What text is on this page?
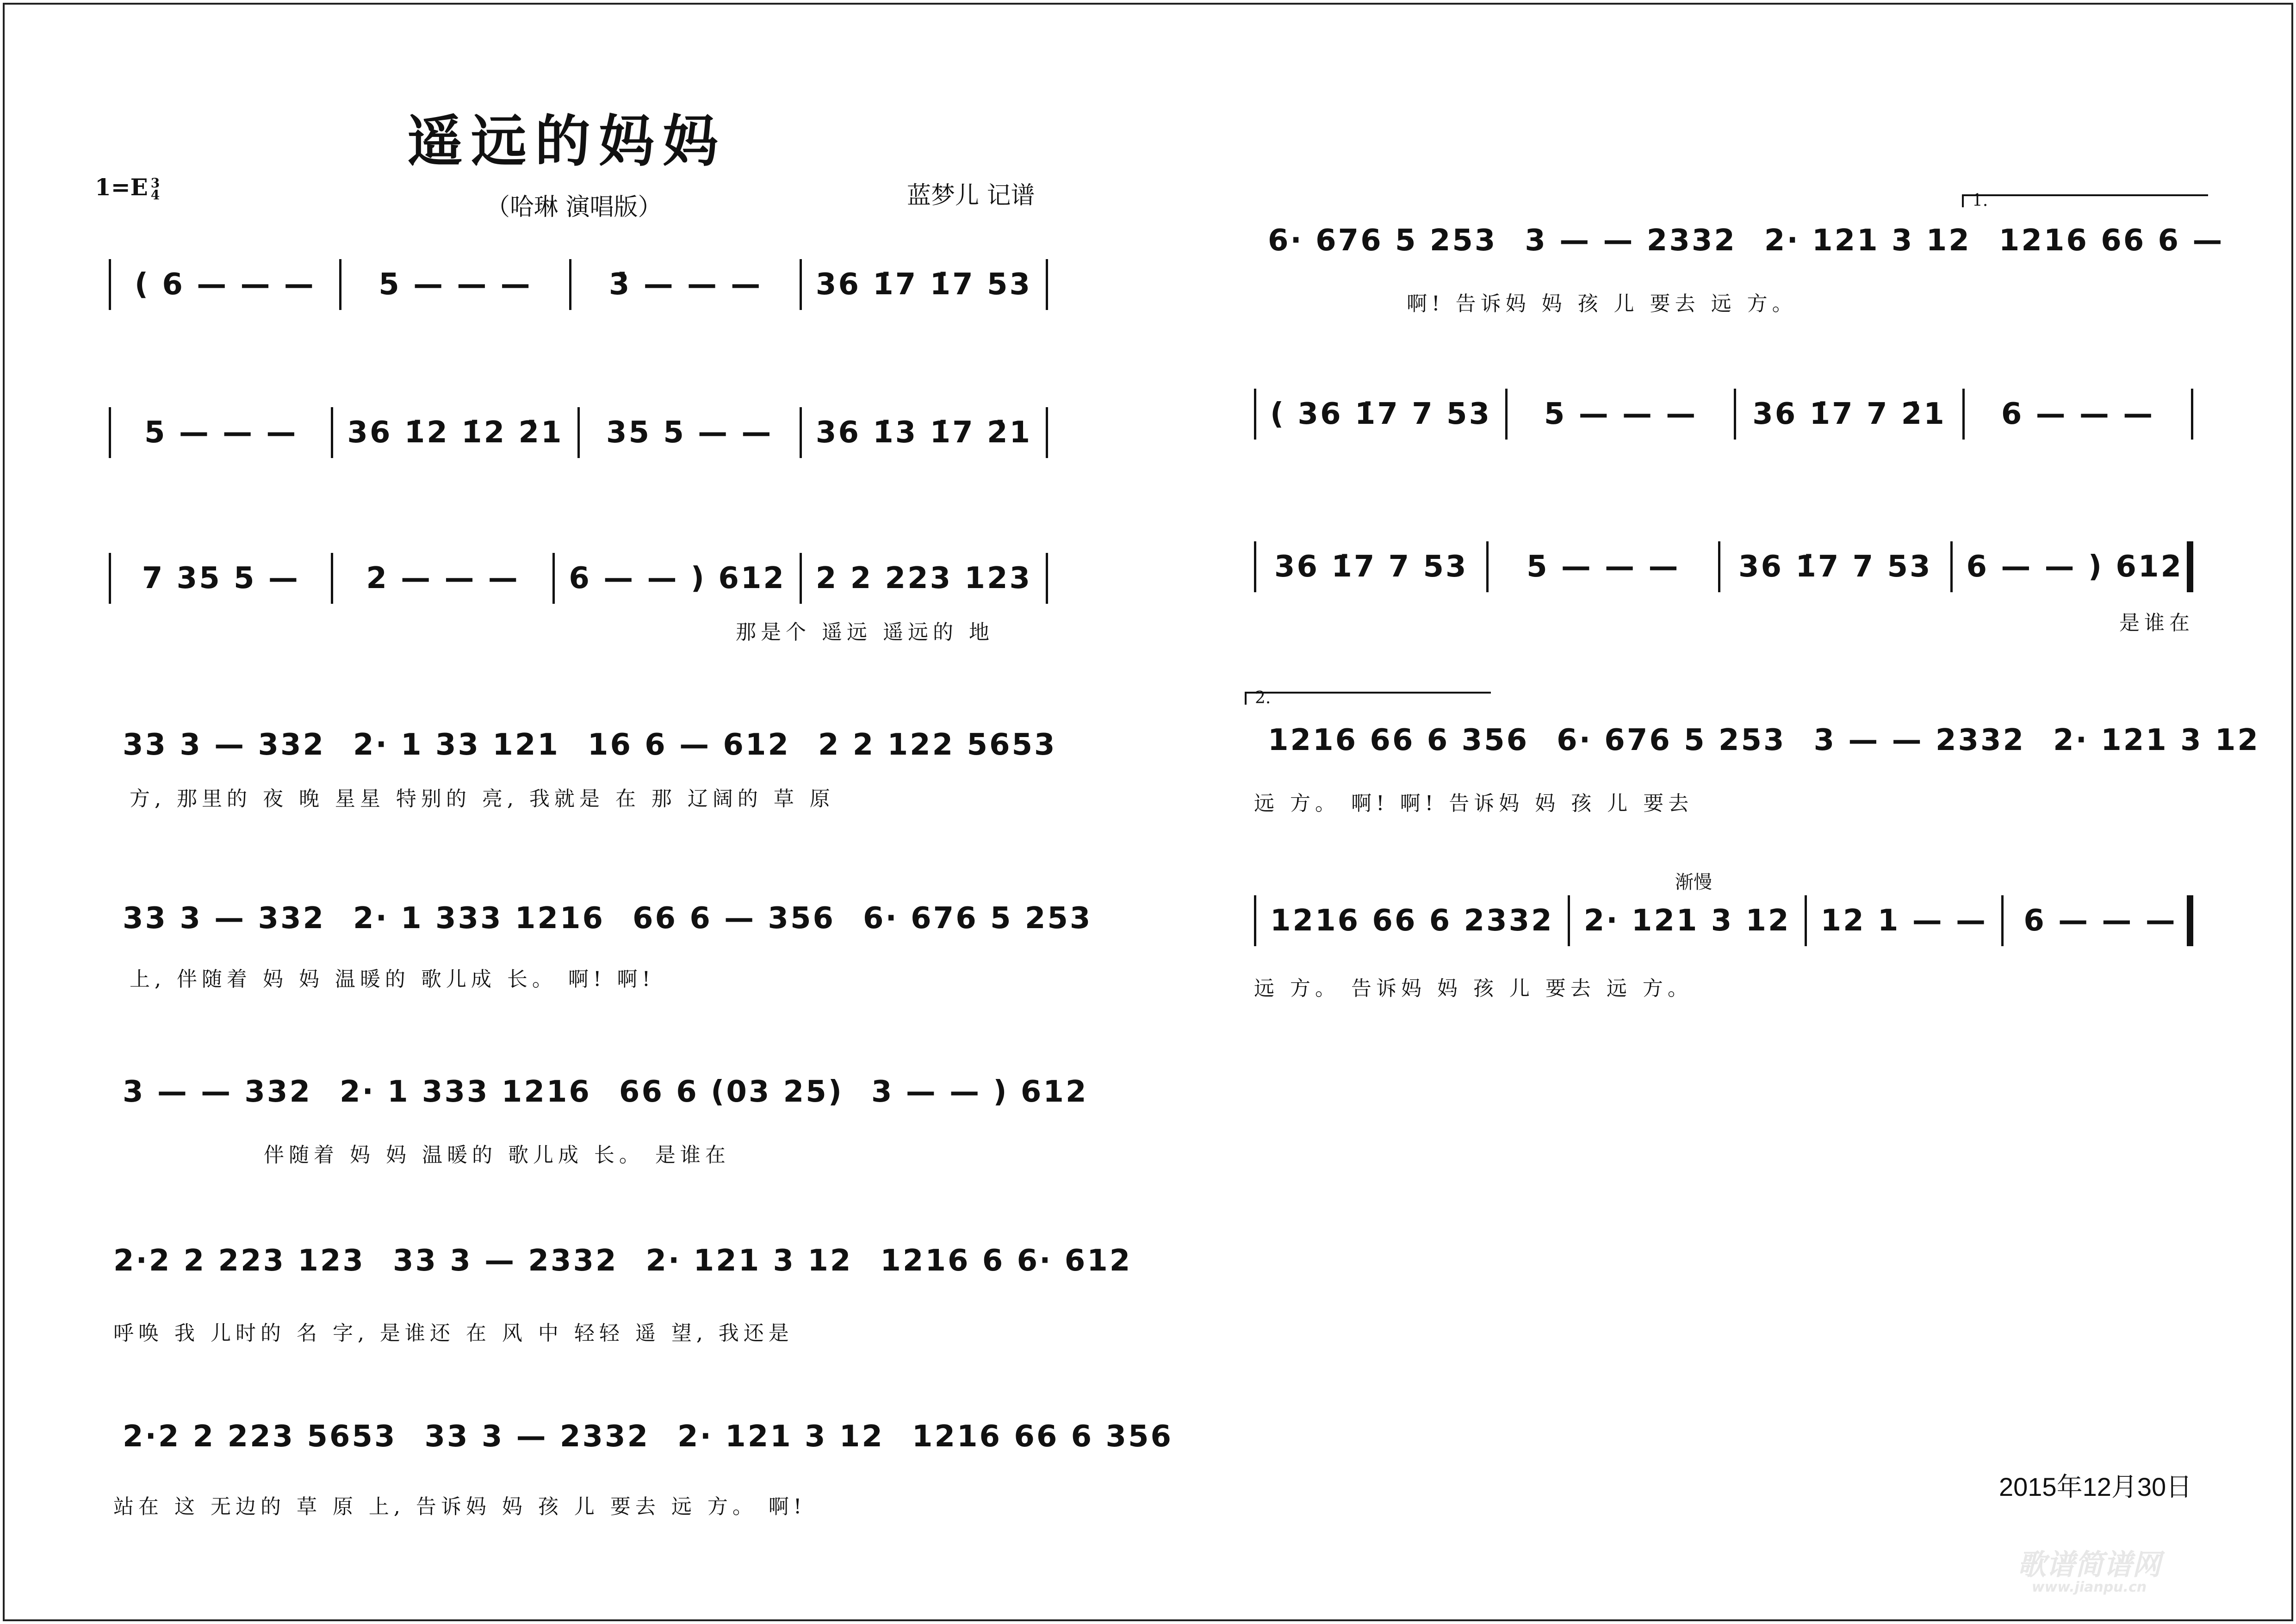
遥远的妈妈
（哈琳 演唱版）
1=E 3
4	蓝梦儿 记谱
( 6 — — —	5 — — —	3̇ — — —	36 1̇7 1̇7 53
5 — — —	36 1̇2 1̇2 2̇1	35 5 — —	36 1̇3 1̇7 2̇1
7 35 5 —	2 — — —	6 — — ) 612 2 2 223 123
那是个 遥远 遥远的 地
33 3 — 332 2· 1 33 121 16 6 — 612 2 2 122 5653
方, 那里的 夜 晚 星星 特别的 亮, 我就是 在 那 辽阔的 草 原
33 3 — 332 2· 1 333 1216 66 6 — 356 6· 676 5 253
上, 伴随着 妈 妈 温暖的 歌儿成 长。 啊! 啊!
3 — — 332 2· 1 333 1216 66 6 (03 25) 3 — — ) 612
伴随着 妈 妈 温暖的 歌儿成 长。 是谁在
2·2 2 223 123 33 3 — 2332 2· 121 3 12 1216 6 6· 612
呼唤 我 儿时的 名 字, 是谁还 在 风 中 轻轻 遥 望, 我还是
2·2 2 223 5653 33 3 — 2332 2· 121 3 12 1216 66 6 356
站在 这 无边的 草 原 上, 告诉妈 妈 孩 儿 要去 远 方。 啊!
1.
6· 676 5 253 3 — — 2332 2· 121 3 12 1216 66 6 —
啊! 告诉妈 妈 孩 儿 要去 远 方。
( 36 1̇7 7 53	5 — — —	36 1̇7 7 2̇1	6 — — —
36 1̇7 7 53	5 — — —	36 1̇7 7 53 6 — — ) 612
是谁在
2.
1216 66 6 356 6· 676 5 253 3 — — 2332 2· 121 3 12
远 方。 啊! 啊! 告诉妈 妈 孩 儿 要去
渐慢
1216 66 6 2332 2· 121 3 12 12 1 — — 6 — — —
远 方。 告诉妈 妈 孩 儿 要去 远 方。
2015年12月30日
歌谱简谱网
www.jianpu.cn
